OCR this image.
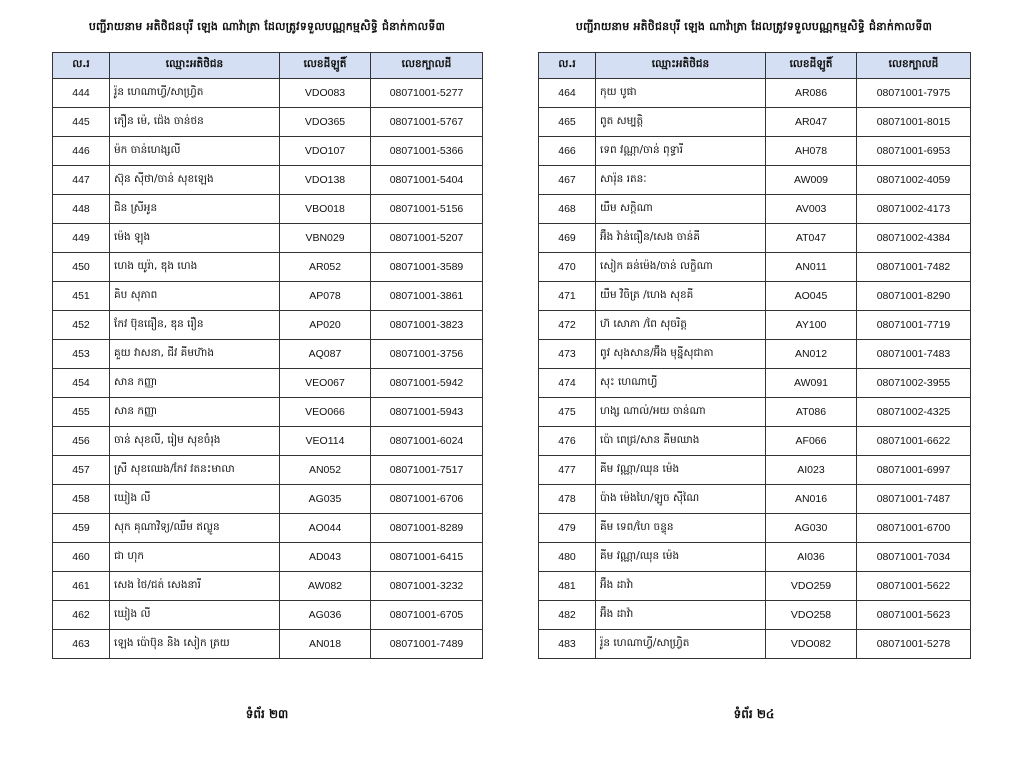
បញ្ជីរាយនាម អតិថិជនបុរី ឡេង ណាវ៉ាត្រា ដែលត្រូវទទួលបណ្ណកម្មសិទ្ធិ ជំនាក់កាលទី៣
ល.រ	ឈ្មោះអតិថិជន	លេខដីឡូតិ៍	លេខក្បាលដី
444	រ៉ូន ហេណាហ្វី/សាហ្វ្រិត	VDO083	08071001-5277
445	ភឿន ម៉េ, ជ៉េង ចាន់ថន	VDO365	08071001-5767
446	ម៉ក ចាន់ហេង្សលី	VDO107	08071001-5366
447	ស៊ុន ស៊ីថា/ចាន់ សុខឡេង	VDO138	08071001-5404
448	ជិន ស្រីអូន	VBO018	08071001-5156
449	ម៉េង ឡុង	VBN029	08071001-5207
450	ហេង យូរ៉ា, ឌុង ហេង	AR052	08071001-3589
451	គិប សុភាព	AP078	08071001-3861
452	កែវ ប៊ុនធឿន, ឌុន រឿន	AP020	08071001-3823
453	គួយ វាសនា, ជីវ គីមហ៊ាង	AQ087	08071001-3756
454	សាន កញ្ញា	VEO067	08071001-5942
455	សាន កញ្ញា	VEO066	08071001-5943
456	ចាន់ សុខលី, រៀម សុខចំរុង	VEO114	08071001-6024
457	ស្រី សុខឈេង/កែវ វតនះមាលា	AN052	08071001-7517
458	ឃៀង លី	AG035	08071001-6706
459	សុក គុណាវិទ្យ/ឈឹម ឥល្លូន	AO044	08071001-8289
460	ជា ហុក	AD043	08071001-6415
461	សេង ថៃ/ជត់ សេងនារី	AW082	08071001-3232
462	ឃៀង លី	AG036	08071001-6705
463	ឡេង ប៉ោប៊ុន និង សៀក ត្រយ	AN018	08071001-7489
ទំព័រ ២៣
បញ្ជីរាយនាម អតិថិជនបុរី ឡេង ណាវ៉ាត្រា ដែលត្រូវទទួលបណ្ណកម្មសិទ្ធិ ជំនាក់កាលទី៣
ល.រ	ឈ្មោះអតិថិជន	លេខដីឡូតិ៍	លេខក្បាលដី
464	កុយ បូផា	AR086	08071001-7975
465	ពូត សម្បត្តិ	AR047	08071001-8015
466	ទេព វណ្ណា/ចាន់ ពុទ្ធារី	AH078	08071001-6953
467	សារ៉ុន រតនៈ	AW009	08071002-4059
468	យឹម សក្តិណា	AV003	08071002-4173
469	អ៊ឹង វ៉ាន់ធឿន/សេង ចាន់គី	AT047	08071002-4384
470	សៀក ឆន់ម៉េង/ចាន់ លក្ខិណា	AN011	08071001-7482
471	យឹម វិចិត្រ /ហេង សុខគី	AO045	08071001-8290
472	ហ៊ សោភា /ពៃ សុចរិត្ត	AY100	08071001-7719
473	ពូវ សុងសាន/អ៊ឹង មុន្នីសុជាតា	AN012	08071001-7483
474	សុះ ហេណាហ្វី	AW091	08071002-3955
475	ហង្ស ណាល់/អយ ចាន់ណា	AT086	08071002-4325
476	ប៉ោ ពេជ្រ/សាន គីមឈាង	AF066	08071001-6622
477	គីម វណ្ណា/ឈុន ម៉េង	AI023	08071001-6997
478	ប៉ាង ម៉េងហៃ/ឡូច ស៊ីណៃ	AN016	08071001-7487
479	គីម ទេព/ហៃ ចន្ទុន	AG030	08071001-6700
480	គីម វណ្ណា/ឈុន ម៉េង	AI036	08071001-7034
481	អ៊ឹង ដាវ៉ា	VDO259	08071001-5622
482	អ៊ឹង ដាវ៉ា	VDO258	08071001-5623
483	រ៉ូន ហេណាហ្វី/សាហ្វ្រិត	VDO082	08071001-5278
ទំព័រ ២៤
